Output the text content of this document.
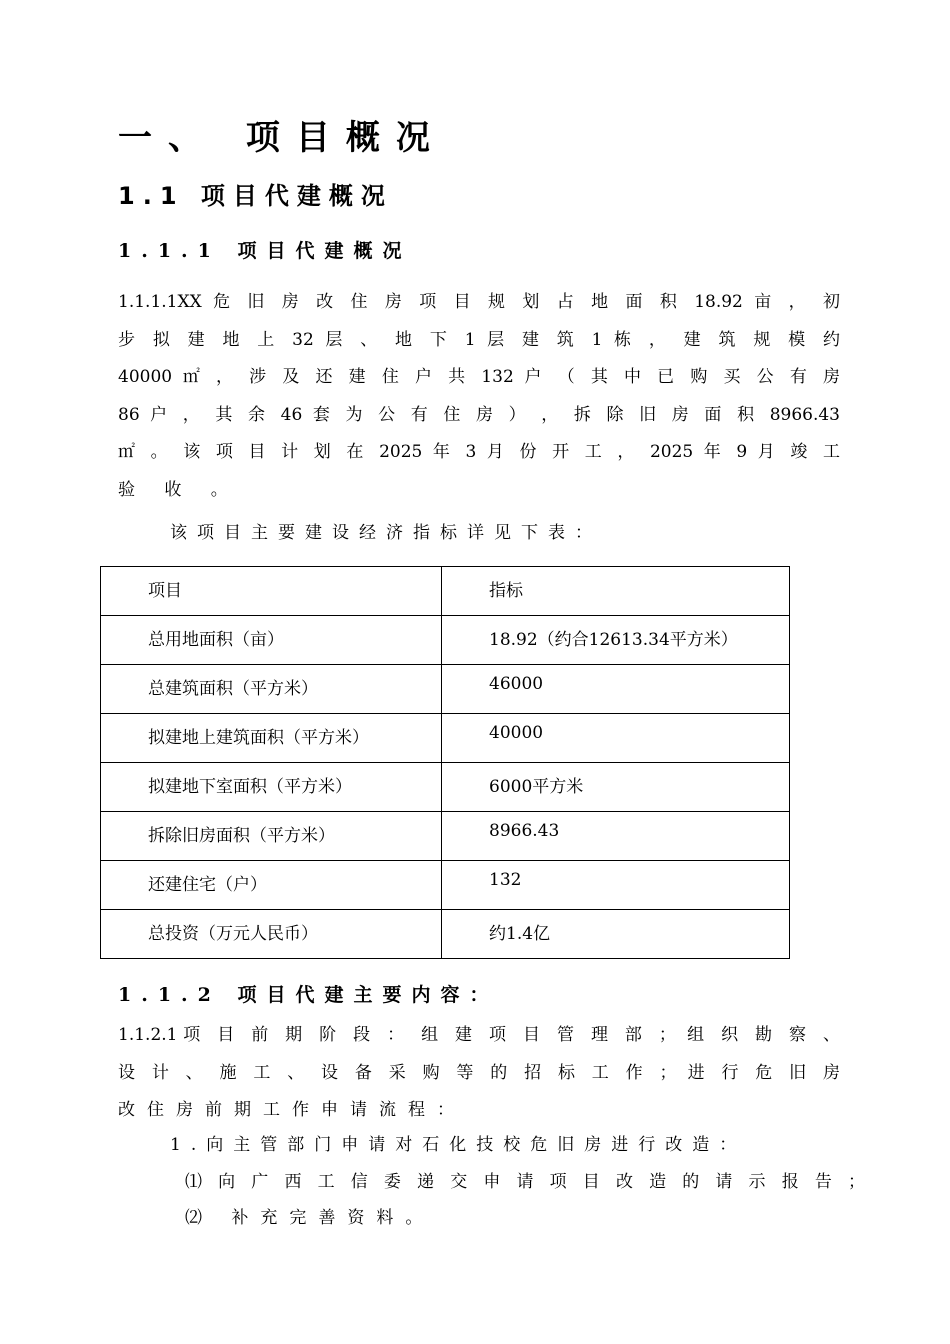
一、 项目概况
1.1 项目代建概况
1.1.1 项目代建概况
1.1.1.1XX 危 旧 房 改 住 房 项 目 规 划 占 地 面 积 18.92 亩 ， 初
步 拟 建 地 上 32 层 、 地 下 1 层 建 筑 1 栋 ， 建 筑 规 模 约
40000 ㎡ ， 涉 及 还 建 住 户 共 132 户 （ 其 中 已 购 买 公 有 房
86 户 ， 其 余 46 套 为 公 有 住 房 ） ， 拆 除 旧 房 面 积 8966.43
㎡ 。 该 项 目 计 划 在 2025 年 3 月 份 开 工 ， 2025 年 9 月 竣 工
验 收 。
该项目主要建设经济指标详见下表：
项目	指标
总用地面积（亩）	18.92（约合12613.34平方米）
总建筑面积（平方米）	46000
拟建地上建筑面积（平方米）	40000
拟建地下室面积（平方米）	6000平方米
拆除旧房面积（平方米）	8966.43
还建住宅（户）	132
总投资（万元人民币）	约1.4亿
1.1.2 项目代建主要内容：
1.1.2.1项 目 前 期 阶 段 ： 组 建 项 目 管 理 部 ； 组 织 勘 察 、
设 计 、 施 工 、 设 备 采 购 等 的 招 标 工 作 ； 进 行 危 旧 房
改住房前期工作申请流程：
1.向主管部门申请对石化技校危旧房进行改造：
⑴ 向 广 西 工 信 委 递 交 申 请 项 目 改 造 的 请 示 报 告 ；
⑵ 补充完善资料。
